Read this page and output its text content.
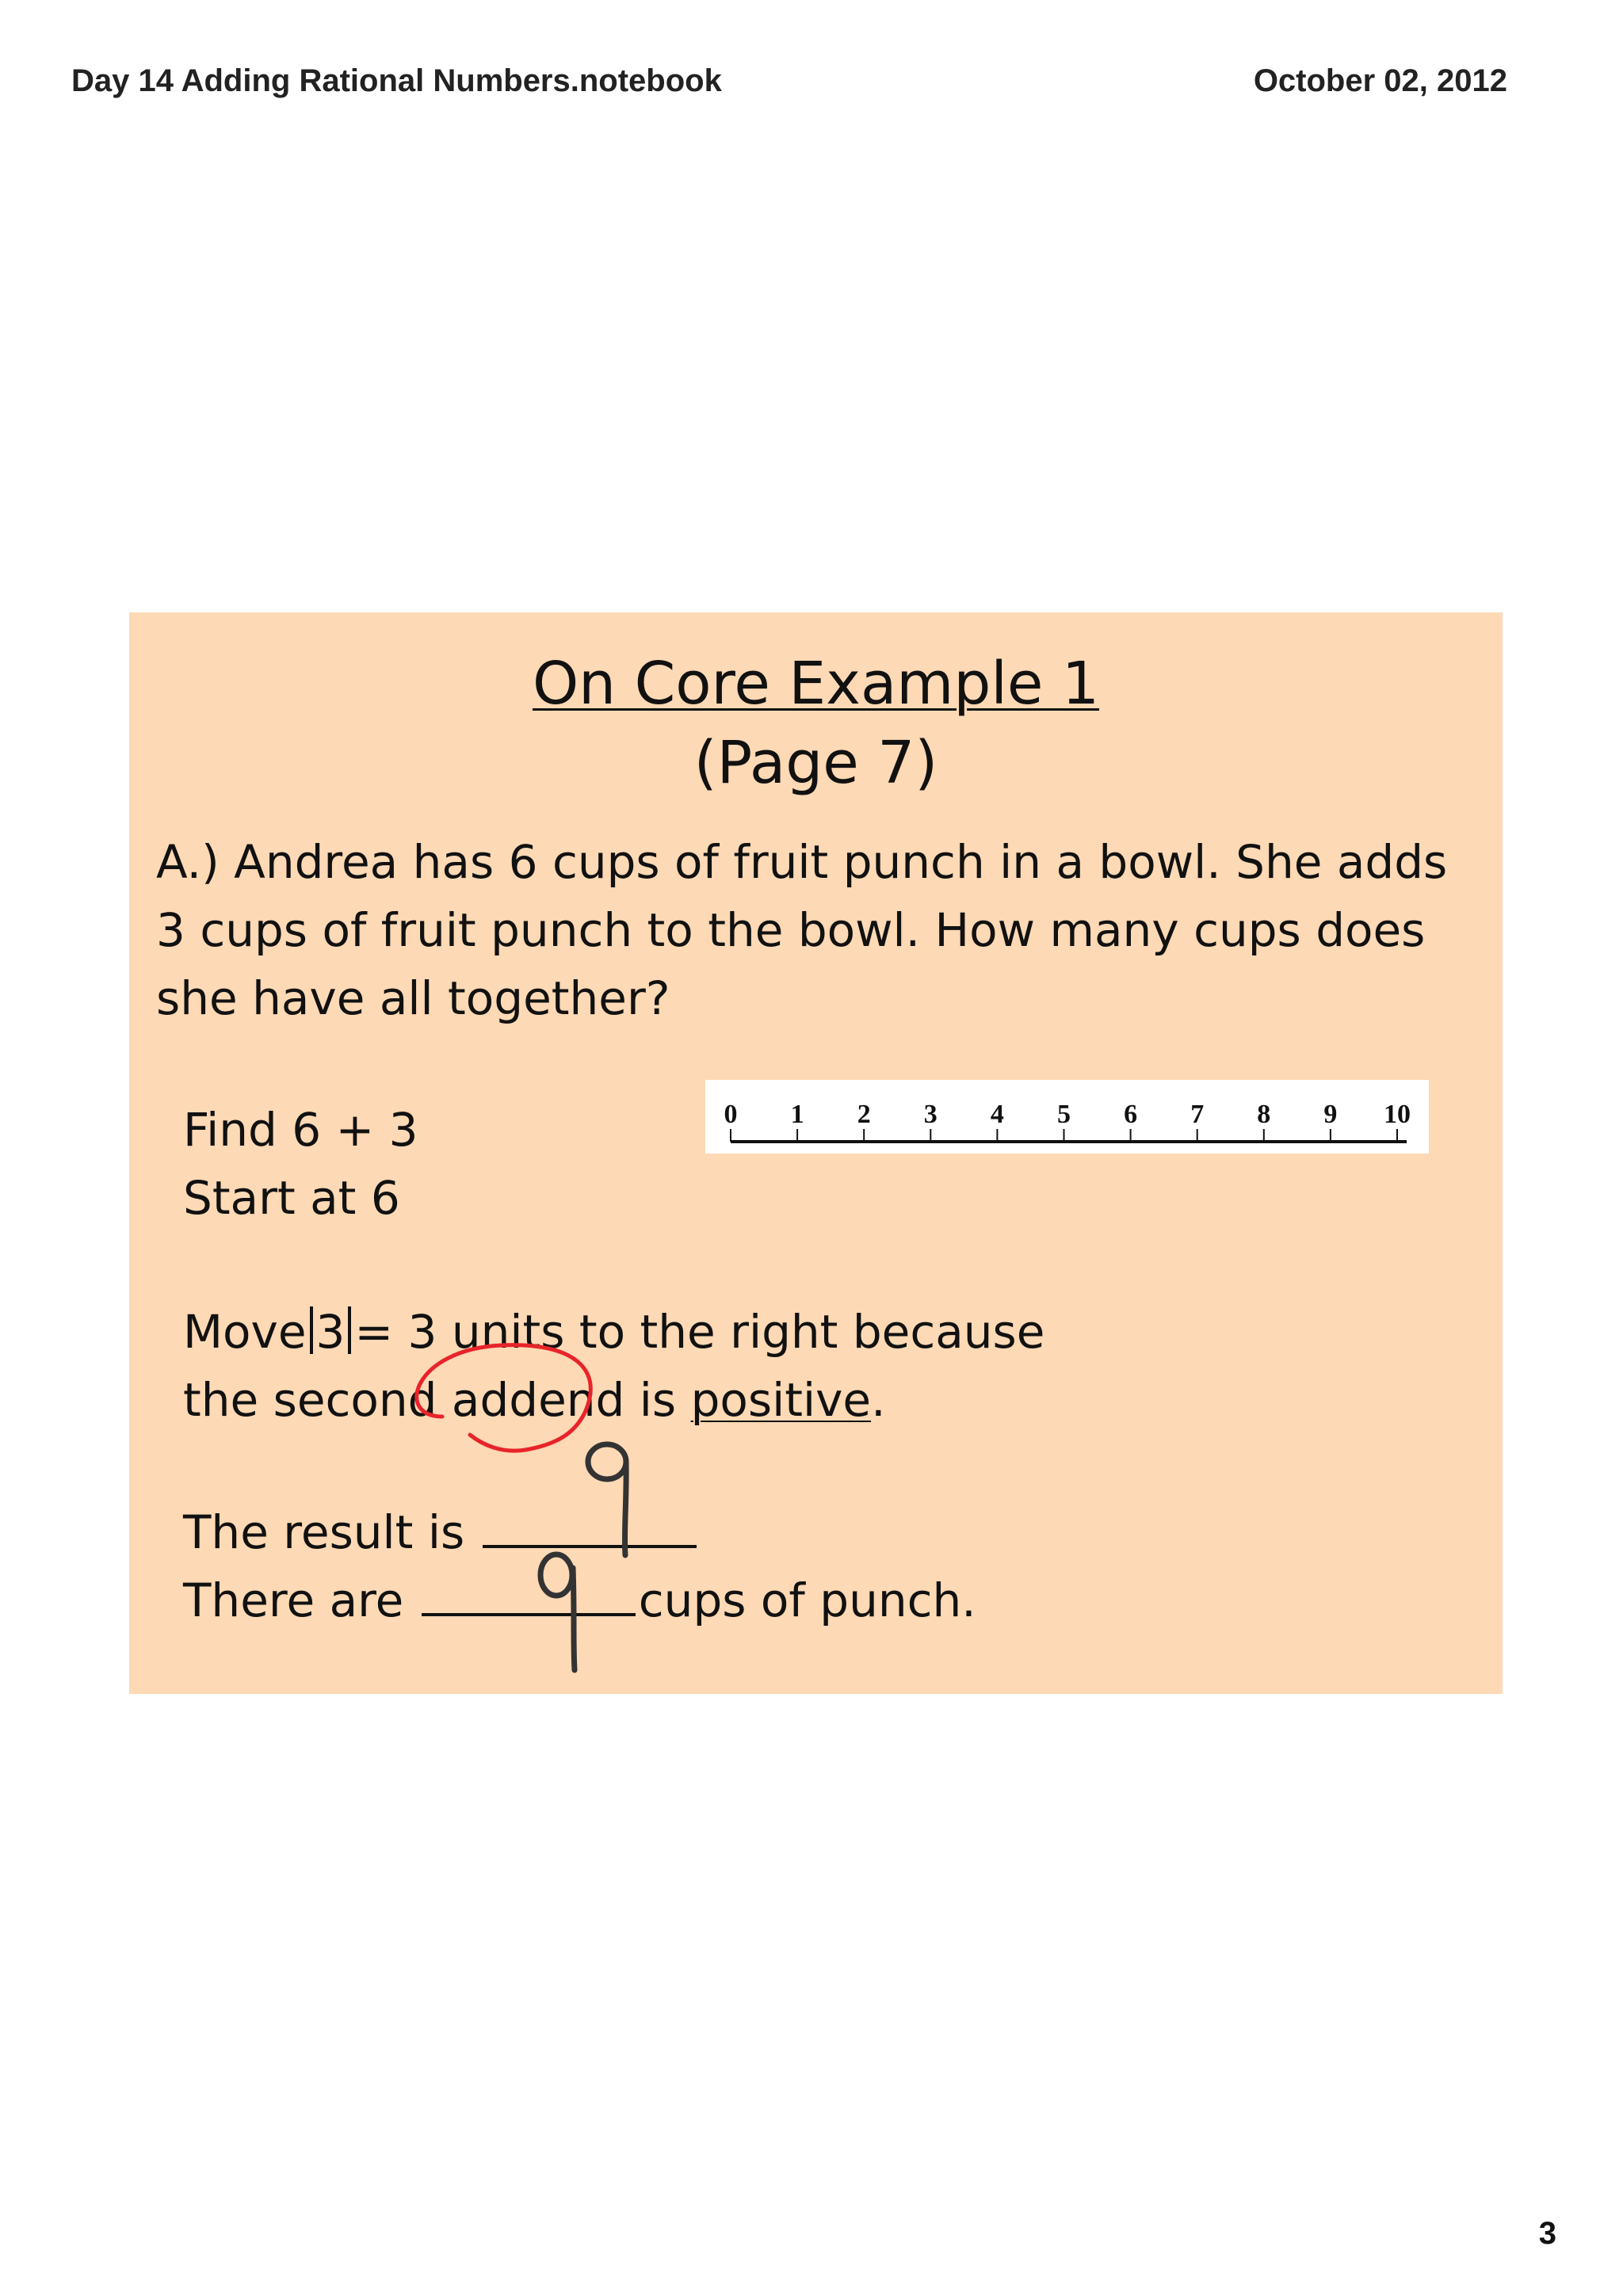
Day 14 Adding Rational Numbers.notebook	October 02, 2012
On Core Example 1
(Page 7)
A.) Andrea has 6 cups of fruit punch in a bowl. She adds
3 cups of fruit punch to the bowl. How many cups does
she have all together?
Find 6 + 3
Start at 6
0 1 2 3 4 5 6 7 8 9 10
Move 3 = 3 units to the right because
the second addend is positive.
The result is
There are	cups of punch.
3
